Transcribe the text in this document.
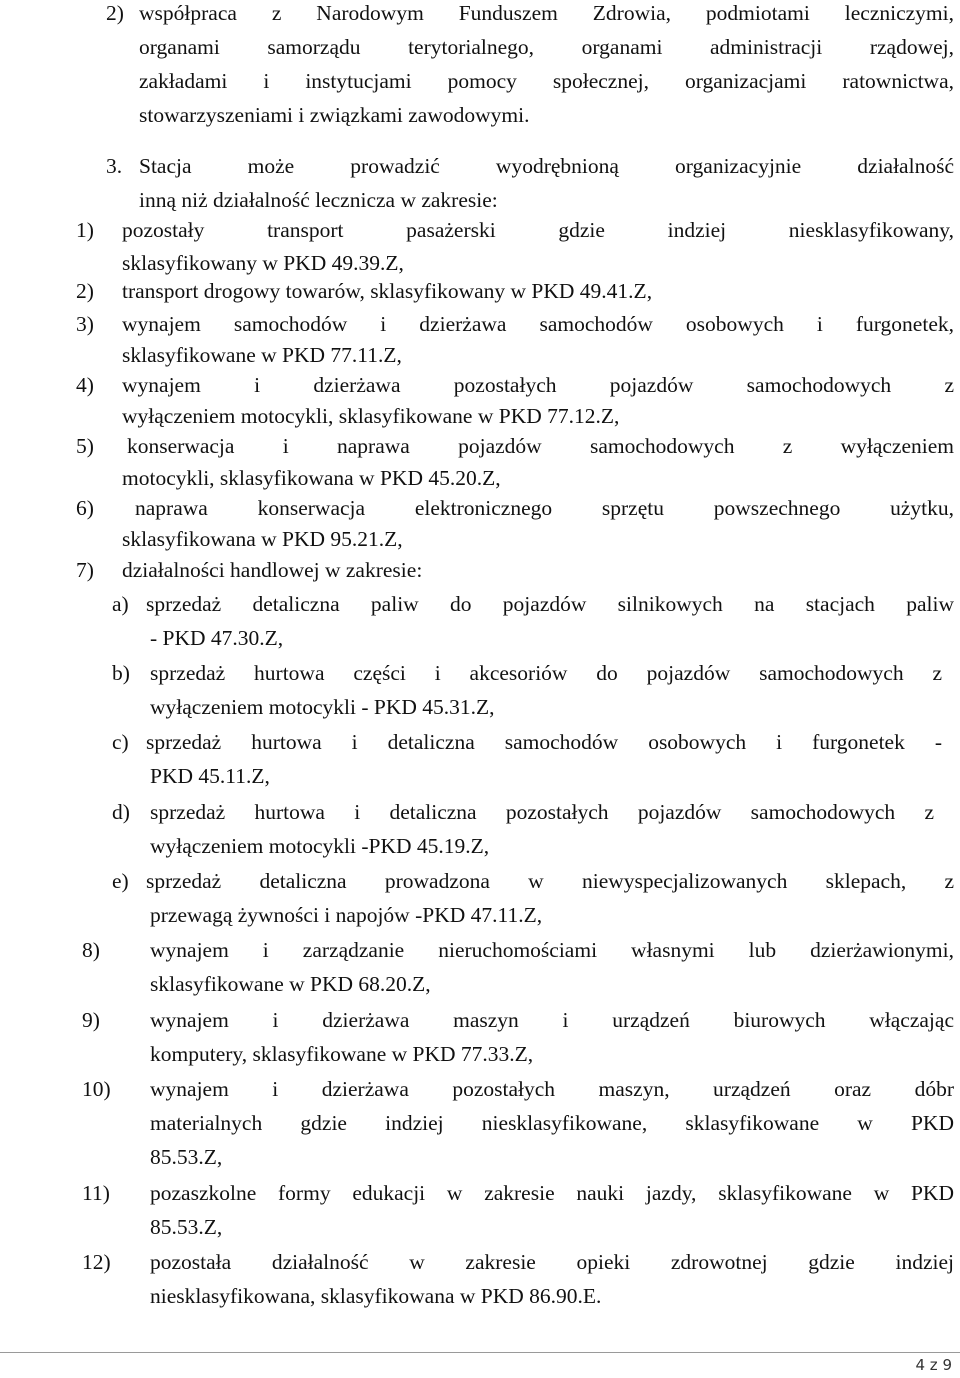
2) współpraca z Narodowym Funduszem Zdrowia, podmiotami leczniczymi,
organami samorządu terytorialnego, organami administracji rządowej,
zakładami i instytucjami pomocy społecznej, organizacjami ratownictwa,
stowarzyszeniami i związkami zawodowymi.
3. Stacja może prowadzić wyodrębnioną organizacyjnie działalność
inną niż działalność lecznicza w zakresie:
1) pozostały transport pasażerski gdzie indziej niesklasyfikowany,
sklasyfikowany w PKD 49.39.Z,
2) transport drogowy towarów, sklasyfikowany w PKD 49.41.Z,
3) wynajem samochodów i dzierżawa samochodów osobowych i furgonetek,
sklasyfikowane w PKD 77.11.Z,
4) wynajem i dzierżawa pozostałych pojazdów samochodowych z
wyłączeniem motocykli, sklasyfikowane w PKD 77.12.Z,
5) konserwacja i naprawa pojazdów samochodowych z wyłączeniem
motocykli, sklasyfikowana w PKD 45.20.Z,
6) naprawa konserwacja elektronicznego sprzętu powszechnego użytku,
sklasyfikowana w PKD 95.21.Z,
7) działalności handlowej w zakresie:
a) sprzedaż detaliczna paliw do pojazdów silnikowych na stacjach paliw
- PKD 47.30.Z,
b) sprzedaż hurtowa części i akcesoriów do pojazdów samochodowych z
wyłączeniem motocykli - PKD 45.31.Z,
c) sprzedaż hurtowa i detaliczna samochodów osobowych i furgonetek -
PKD 45.11.Z,
d) sprzedaż hurtowa i detaliczna pozostałych pojazdów samochodowych z
wyłączeniem motocykli -PKD 45.19.Z,
e) sprzedaż detaliczna prowadzona w niewyspecjalizowanych sklepach, z
przewagą żywności i napojów -PKD 47.11.Z,
8) wynajem i zarządzanie nieruchomościami własnymi lub dzierżawionymi,
sklasyfikowane w PKD 68.20.Z,
9) wynajem i dzierżawa maszyn i urządzeń biurowych włączając
komputery, sklasyfikowane w PKD 77.33.Z,
10) wynajem i dzierżawa pozostałych maszyn, urządzeń oraz dóbr
materialnych gdzie indziej niesklasyfikowane, sklasyfikowane w PKD
85.53.Z,
11) pozaszkolne formy edukacji w zakresie nauki jazdy, sklasyfikowane w PKD
85.53.Z,
12) pozostała działalność w zakresie opieki zdrowotnej gdzie indziej
niesklasyfikowana, sklasyfikowana w PKD 86.90.E.
4 z 9
